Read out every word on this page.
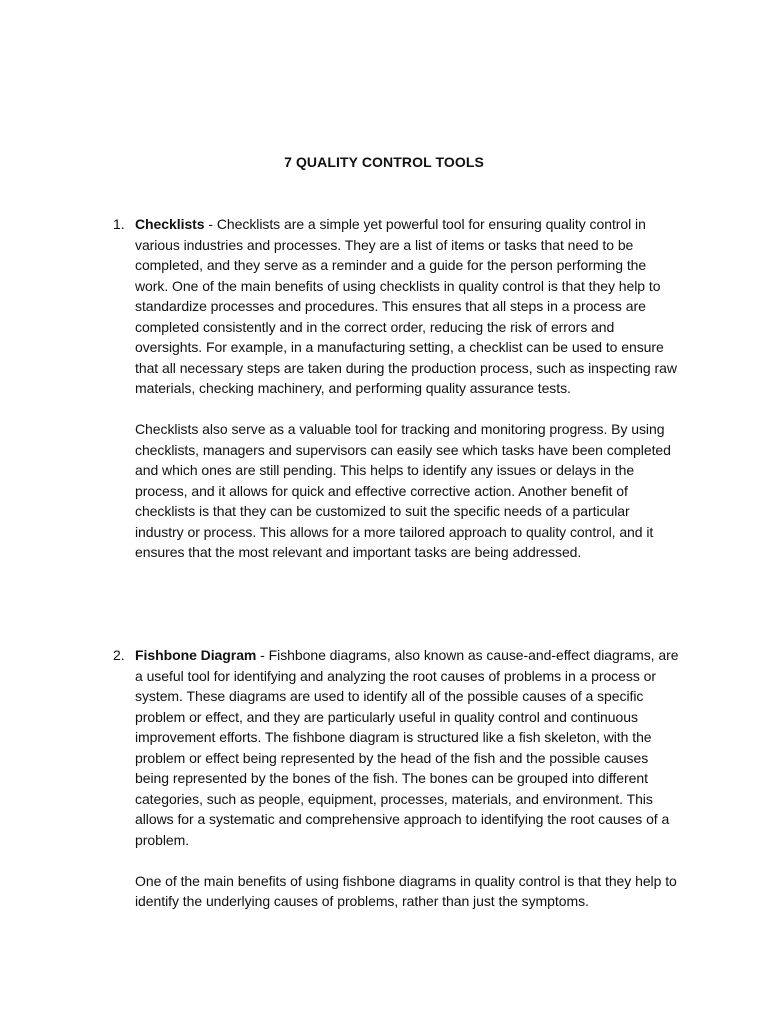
7 QUALITY CONTROL TOOLS
1. Checklists - Checklists are a simple yet powerful tool for ensuring quality control in various industries and processes. They are a list of items or tasks that need to be completed, and they serve as a reminder and a guide for the person performing the work. One of the main benefits of using checklists in quality control is that they help to standardize processes and procedures. This ensures that all steps in a process are completed consistently and in the correct order, reducing the risk of errors and oversights. For example, in a manufacturing setting, a checklist can be used to ensure that all necessary steps are taken during the production process, such as inspecting raw materials, checking machinery, and performing quality assurance tests.

Checklists also serve as a valuable tool for tracking and monitoring progress. By using checklists, managers and supervisors can easily see which tasks have been completed and which ones are still pending. This helps to identify any issues or delays in the process, and it allows for quick and effective corrective action. Another benefit of checklists is that they can be customized to suit the specific needs of a particular industry or process. This allows for a more tailored approach to quality control, and it ensures that the most relevant and important tasks are being addressed.

2. Fishbone Diagram - Fishbone diagrams, also known as cause-and-effect diagrams, are a useful tool for identifying and analyzing the root causes of problems in a process or system. These diagrams are used to identify all of the possible causes of a specific problem or effect, and they are particularly useful in quality control and continuous improvement efforts. The fishbone diagram is structured like a fish skeleton, with the problem or effect being represented by the head of the fish and the possible causes being represented by the bones of the fish. The bones can be grouped into different categories, such as people, equipment, processes, materials, and environment. This allows for a systematic and comprehensive approach to identifying the root causes of a problem.

One of the main benefits of using fishbone diagrams in quality control is that they help to identify the underlying causes of problems, rather than just the symptoms.
